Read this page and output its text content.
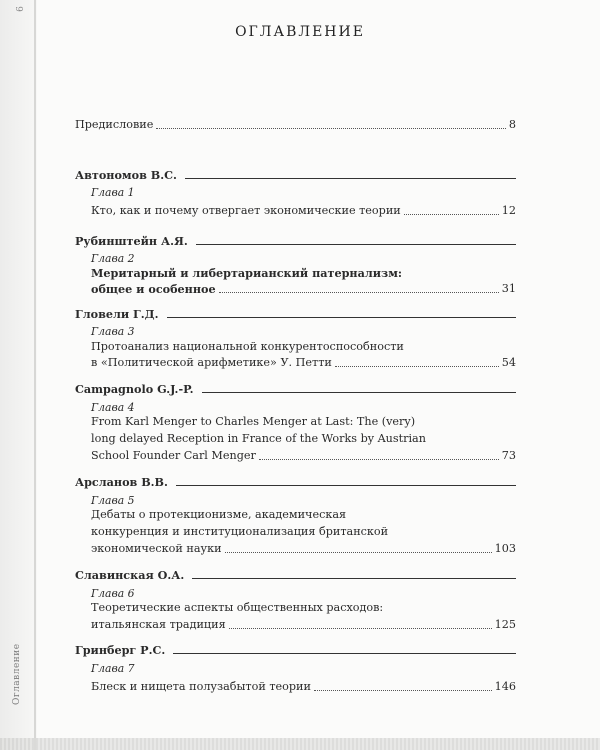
6
Оглавление
ОГЛАВЛЕНИЕ
Предисловие	8
Автономов В.С.
Глава 1
Кто, как и почему отвергает экономические теории	12
Рубинштейн А.Я.
Глава 2
Меритарный и либертарианский патернализм:
общее и особенное	31
Гловели Г.Д.
Глава 3
Протоанализ национальной конкурентоспособности
в «Политической арифметике» У. Петти	54
Campagnolo G.J.-P.
Глава 4
From Karl Menger to Charles Menger at Last: The (very)
long delayed Reception in France of the Works by Austrian
School Founder Carl Menger	73
Арсланов В.В.
Глава 5
Дебаты о протекционизме, академическая
конкуренция и институционализация британской
экономической науки	103
Славинская О.А.
Глава 6
Теоретические аспекты общественных расходов:
итальянская традиция	125
Гринберг Р.С.
Глава 7
Блеск и нищета полузабытой теории	146
